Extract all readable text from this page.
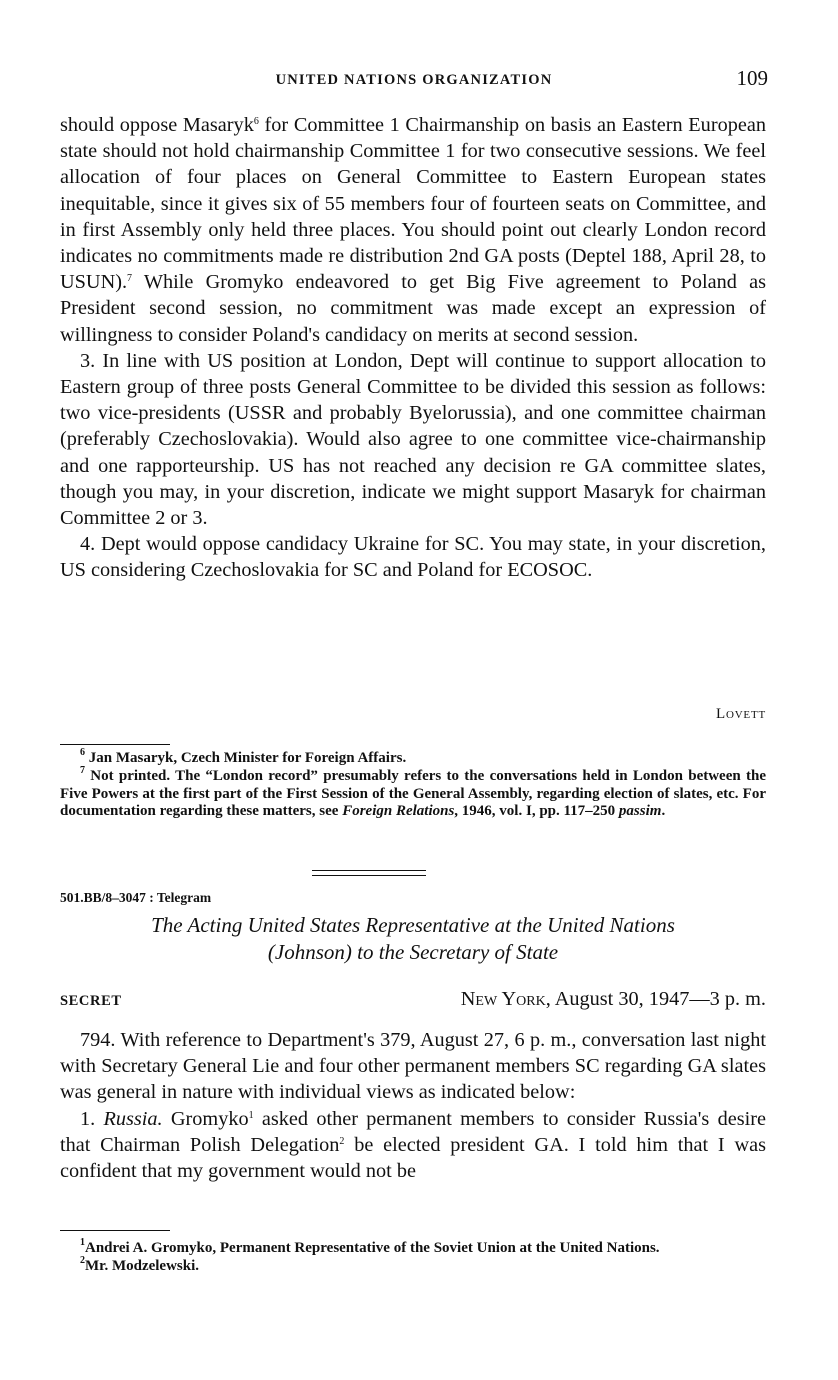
UNITED NATIONS ORGANIZATION	109

should oppose Masaryk$^6$ for Committee 1 Chairmanship on basis an Eastern European state should not hold chairmanship Committee 1 for two consecutive sessions. We feel allocation of four places on General Committee to Eastern European states inequitable, since it gives six of 55 members four of fourteen seats on Committee, and in first Assembly only held three places. You should point out clearly London record indicates no commitments made re distribution 2nd GA posts (Deptel 188, April 28, to USUN).$^7$ While Gromyko endeavored to get Big Five agreement to Poland as President second session, no commitment was made except an expression of willingness to consider Poland's candidacy on merits at second session.

3. In line with US position at London, Dept will continue to support allocation to Eastern group of three posts General Committee to be divided this session as follows: two vice-presidents (USSR and probably Byelorussia), and one committee chairman (preferably Czechoslovakia). Would also agree to one committee vice-chairmanship and one rapporteurship. US has not reached any decision re GA committee slates, though you may, in your discretion, indicate we might support Masaryk for chairman Committee 2 or 3.

4. Dept would oppose candidacy Ukraine for SC. You may state, in your discretion, US considering Czechoslovakia for SC and Poland for ECOSOC.

Lovett

$^6$ Jan Masaryk, Czech Minister for Foreign Affairs.

$^7$ Not printed. The “London record” presumably refers to the conversations held in London between the Five Powers at the first part of the First Session of the General Assembly, regarding election of slates, etc. For documentation regarding these matters, see Foreign Relations, 1946, vol. I, pp. 117–250 passim.

501.BB/8–3047 : Telegram
The Acting United States Representative at the United Nations
(Johnson) to the Secretary of State
SECRET	New York, August 30, 1947—3 p. m.

794. With reference to Department's 379, August 27, 6 p. m., conversation last night with Secretary General Lie and four other permanent members SC regarding GA slates was general in nature with individual views as indicated below:

1. Russia. Gromyko$^1$ asked other permanent members to consider Russia's desire that Chairman Polish Delegation$^2$ be elected president GA. I told him that I was confident that my government would not be

$^1$Andrei A. Gromyko, Permanent Representative of the Soviet Union at the United Nations.

$^2$Mr. Modzelewski.
